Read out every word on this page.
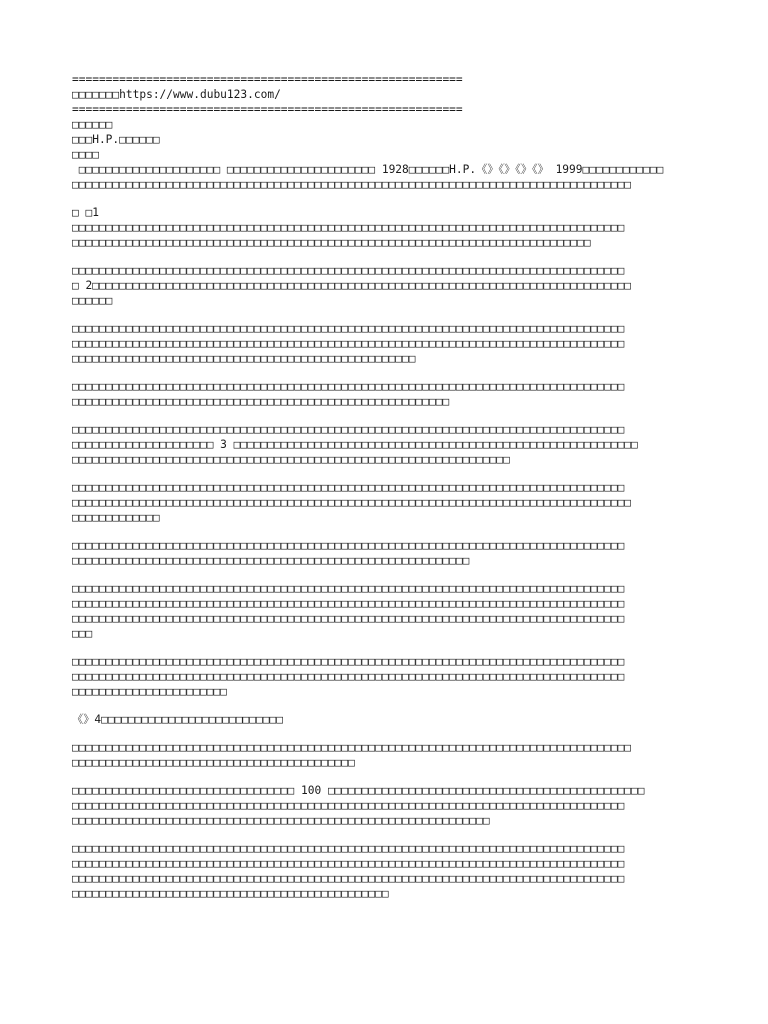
==========================================================
□□□□□□□https://www.dubu123.com/
==========================================================
□□□□□□
□□□H.P.□□□□□□
□□□□
□□□□□□□□□□□□□□□□□□□□□ □□□□□□□□□□□□□□□□□□□□□□ 1928□□□□□□H.P.《》《》《》《》 1999□□□□□□□□□□□□
□□□□□□□□□□□□□□□□□□□□□□□□□□□□□□□□□□□□□□□□□□□□□□□□□□□□□□□□□□□□□□□□□□□□□□□□□□□□□□□□□□□
□ □1
□□□□□□□□□□□□□□□□□□□□□□□□□□□□□□□□□□□□□□□□□□□□□□□□□□□□□□□□□□□□□□□□□□□□□□□□□□□□□□□□□□
□□□□□□□□□□□□□□□□□□□□□□□□□□□□□□□□□□□□□□□□□□□□□□□□□□□□□□□□□□□□□□□□□□□□□□□□□□□□□
□□□□□□□□□□□□□□□□□□□□□□□□□□□□□□□□□□□□□□□□□□□□□□□□□□□□□□□□□□□□□□□□□□□□□□□□□□□□□□□□□□
□ 2□□□□□□□□□□□□□□□□□□□□□□□□□□□□□□□□□□□□□□□□□□□□□□□□□□□□□□□□□□□□□□□□□□□□□□□□□□□□□□□□
□□□□□□
□□□□□□□□□□□□□□□□□□□□□□□□□□□□□□□□□□□□□□□□□□□□□□□□□□□□□□□□□□□□□□□□□□□□□□□□□□□□□□□□□□
□□□□□□□□□□□□□□□□□□□□□□□□□□□□□□□□□□□□□□□□□□□□□□□□□□□□□□□□□□□□□□□□□□□□□□□□□□□□□□□□□□
□□□□□□□□□□□□□□□□□□□□□□□□□□□□□□□□□□□□□□□□□□□□□□□□□□□
□□□□□□□□□□□□□□□□□□□□□□□□□□□□□□□□□□□□□□□□□□□□□□□□□□□□□□□□□□□□□□□□□□□□□□□□□□□□□□□□□□
□□□□□□□□□□□□□□□□□□□□□□□□□□□□□□□□□□□□□□□□□□□□□□□□□□□□□□□□
□□□□□□□□□□□□□□□□□□□□□□□□□□□□□□□□□□□□□□□□□□□□□□□□□□□□□□□□□□□□□□□□□□□□□□□□□□□□□□□□□□
□□□□□□□□□□□□□□□□□□□□□ 3 □□□□□□□□□□□□□□□□□□□□□□□□□□□□□□□□□□□□□□□□□□□□□□□□□□□□□□□□□□□□
□□□□□□□□□□□□□□□□□□□□□□□□□□□□□□□□□□□□□□□□□□□□□□□□□□□□□□□□□□□□□□□□□
□□□□□□□□□□□□□□□□□□□□□□□□□□□□□□□□□□□□□□□□□□□□□□□□□□□□□□□□□□□□□□□□□□□□□□□□□□□□□□□□□□
□□□□□□□□□□□□□□□□□□□□□□□□□□□□□□□□□□□□□□□□□□□□□□□□□□□□□□□□□□□□□□□□□□□□□□□□□□□□□□□□□□□
□□□□□□□□□□□□□
□□□□□□□□□□□□□□□□□□□□□□□□□□□□□□□□□□□□□□□□□□□□□□□□□□□□□□□□□□□□□□□□□□□□□□□□□□□□□□□□□□
□□□□□□□□□□□□□□□□□□□□□□□□□□□□□□□□□□□□□□□□□□□□□□□□□□□□□□□□□□□
□□□□□□□□□□□□□□□□□□□□□□□□□□□□□□□□□□□□□□□□□□□□□□□□□□□□□□□□□□□□□□□□□□□□□□□□□□□□□□□□□□
□□□□□□□□□□□□□□□□□□□□□□□□□□□□□□□□□□□□□□□□□□□□□□□□□□□□□□□□□□□□□□□□□□□□□□□□□□□□□□□□□□
□□□□□□□□□□□□□□□□□□□□□□□□□□□□□□□□□□□□□□□□□□□□□□□□□□□□□□□□□□□□□□□□□□□□□□□□□□□□□□□□□□
□□□
□□□□□□□□□□□□□□□□□□□□□□□□□□□□□□□□□□□□□□□□□□□□□□□□□□□□□□□□□□□□□□□□□□□□□□□□□□□□□□□□□□
□□□□□□□□□□□□□□□□□□□□□□□□□□□□□□□□□□□□□□□□□□□□□□□□□□□□□□□□□□□□□□□□□□□□□□□□□□□□□□□□□□
□□□□□□□□□□□□□□□□□□□□□□□
《》4□□□□□□□□□□□□□□□□□□□□□□□□□□□
□□□□□□□□□□□□□□□□□□□□□□□□□□□□□□□□□□□□□□□□□□□□□□□□□□□□□□□□□□□□□□□□□□□□□□□□□□□□□□□□□□□
□□□□□□□□□□□□□□□□□□□□□□□□□□□□□□□□□□□□□□□□□□
□□□□□□□□□□□□□□□□□□□□□□□□□□□□□□□□□ 100 □□□□□□□□□□□□□□□□□□□□□□□□□□□□□□□□□□□□□□□□□□□□□□□
□□□□□□□□□□□□□□□□□□□□□□□□□□□□□□□□□□□□□□□□□□□□□□□□□□□□□□□□□□□□□□□□□□□□□□□□□□□□□□□□□□
□□□□□□□□□□□□□□□□□□□□□□□□□□□□□□□□□□□□□□□□□□□□□□□□□□□□□□□□□□□□□□
□□□□□□□□□□□□□□□□□□□□□□□□□□□□□□□□□□□□□□□□□□□□□□□□□□□□□□□□□□□□□□□□□□□□□□□□□□□□□□□□□□
□□□□□□□□□□□□□□□□□□□□□□□□□□□□□□□□□□□□□□□□□□□□□□□□□□□□□□□□□□□□□□□□□□□□□□□□□□□□□□□□□□
□□□□□□□□□□□□□□□□□□□□□□□□□□□□□□□□□□□□□□□□□□□□□□□□□□□□□□□□□□□□□□□□□□□□□□□□□□□□□□□□□□
□□□□□□□□□□□□□□□□□□□□□□□□□□□□□□□□□□□□□□□□□□□□□□□
